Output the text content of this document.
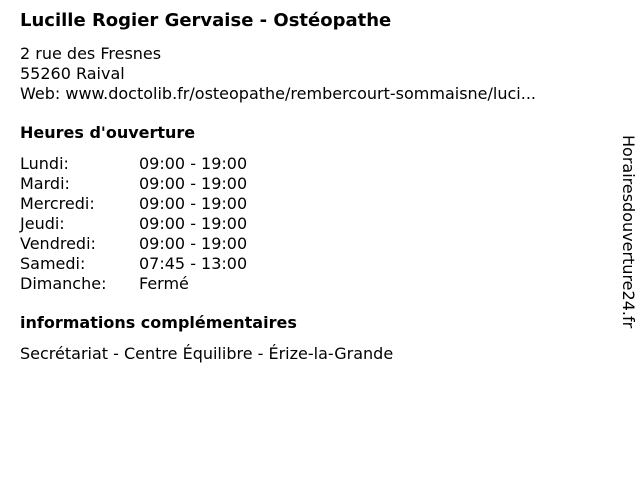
Lucille Rogier Gervaise - Ostéopathe
2 rue des Fresnes
55260 Raival
Web: www.doctolib.fr/osteopathe/rembercourt-sommaisne/luci...
Heures d'ouverture
Lundi:	09:00 - 19:00
Mardi:	09:00 - 19:00
Mercredi:	09:00 - 19:00
Jeudi:	09:00 - 19:00
Vendredi:	09:00 - 19:00
Samedi:	07:45 - 13:00
Dimanche:	Fermé
informations complémentaires
Secrétariat - Centre Équilibre - Érize-la-Grande
Horairesdouverture24.fr
